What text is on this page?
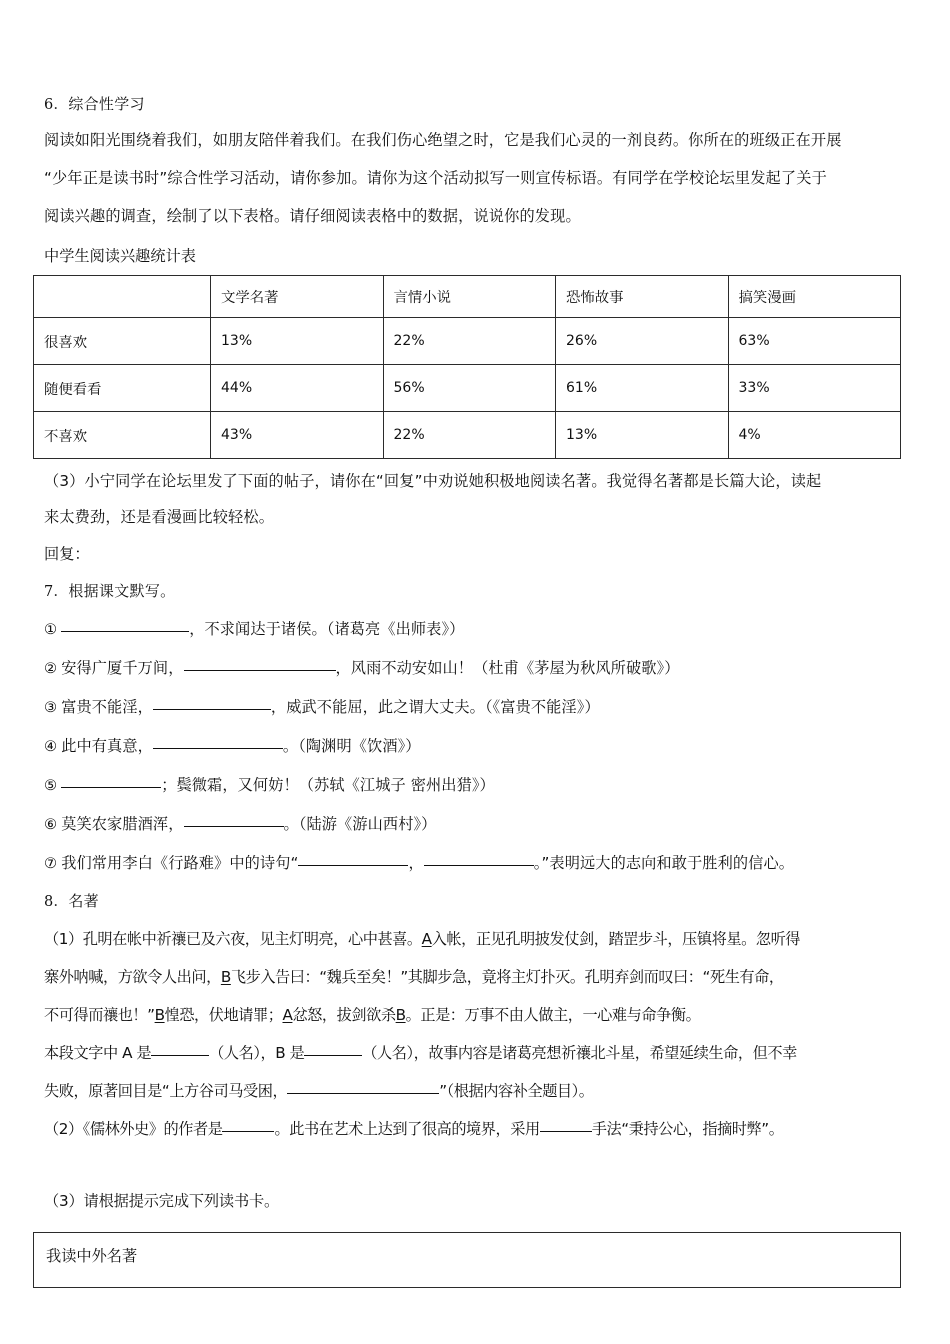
6．综合性学习
阅读如阳光围绕着我们，如朋友陪伴着我们。在我们伤心绝望之时，它是我们心灵的一剂良药。你所在的班级正在开展
“少年正是读书时”综合性学习活动，请你参加。请你为这个活动拟写一则宣传标语。有同学在学校论坛里发起了关于
阅读兴趣的调查，绘制了以下表格。请仔细阅读表格中的数据，说说你的发现。
中学生阅读兴趣统计表
	文学名著	言情小说	恐怖故事	搞笑漫画
很喜欢	13%	22%	26%	63%
随便看看	44%	56%	61%	33%
不喜欢	43%	22%	13%	4%
（3）小宁同学在论坛里发了下面的帖子，请你在“回复”中劝说她积极地阅读名著。我觉得名著都是长篇大论，读起
来太费劲，还是看漫画比较轻松。
回复：
7．根据课文默写。
①	，不求闻达于诸侯。（诸葛亮《出师表》）
② 安得广厦千万间，	，风雨不动安如山！（杜甫《茅屋为秋风所破歌》）
③ 富贵不能淫，	，威武不能屈，此之谓大丈夫。（《富贵不能淫》）
④ 此中有真意，	。（陶渊明《饮酒》）
⑤	；鬓微霜，又何妨！（苏轼《江城子 密州出猎》）
⑥ 莫笑农家腊酒浑，	。（陆游《游山西村》）
⑦ 我们常用李白《行路难》中的诗句“	，	。”表明远大的志向和敢于胜利的信心。
8．名著
（1）孔明在帐中祈禳已及六夜，见主灯明亮，心中甚喜。A入帐，正见孔明披发仗剑，踏罡步斗，压镇将星。忽听得
寨外呐喊，方欲令人出问，B飞步入告曰：“魏兵至矣！”其脚步急，竟将主灯扑灭。孔明弃剑而叹曰：“死生有命，
不可得而禳也！”B惶恐，伏地请罪；A忿怒，拔剑欲杀B。正是：万事不由人做主，一心难与命争衡。
本段文字中 A 是	（人名），B 是	（人名），故事内容是诸葛亮想祈禳北斗星，希望延续生命，但不幸
失败，原著回目是“上方谷司马受困，	”（根据内容补全题目）。
（2）《儒林外史》的作者是	。此书在艺术上达到了很高的境界，采用	手法“秉持公心，指摘时弊”。
（3）请根据提示完成下列读书卡。
我读中外名著
